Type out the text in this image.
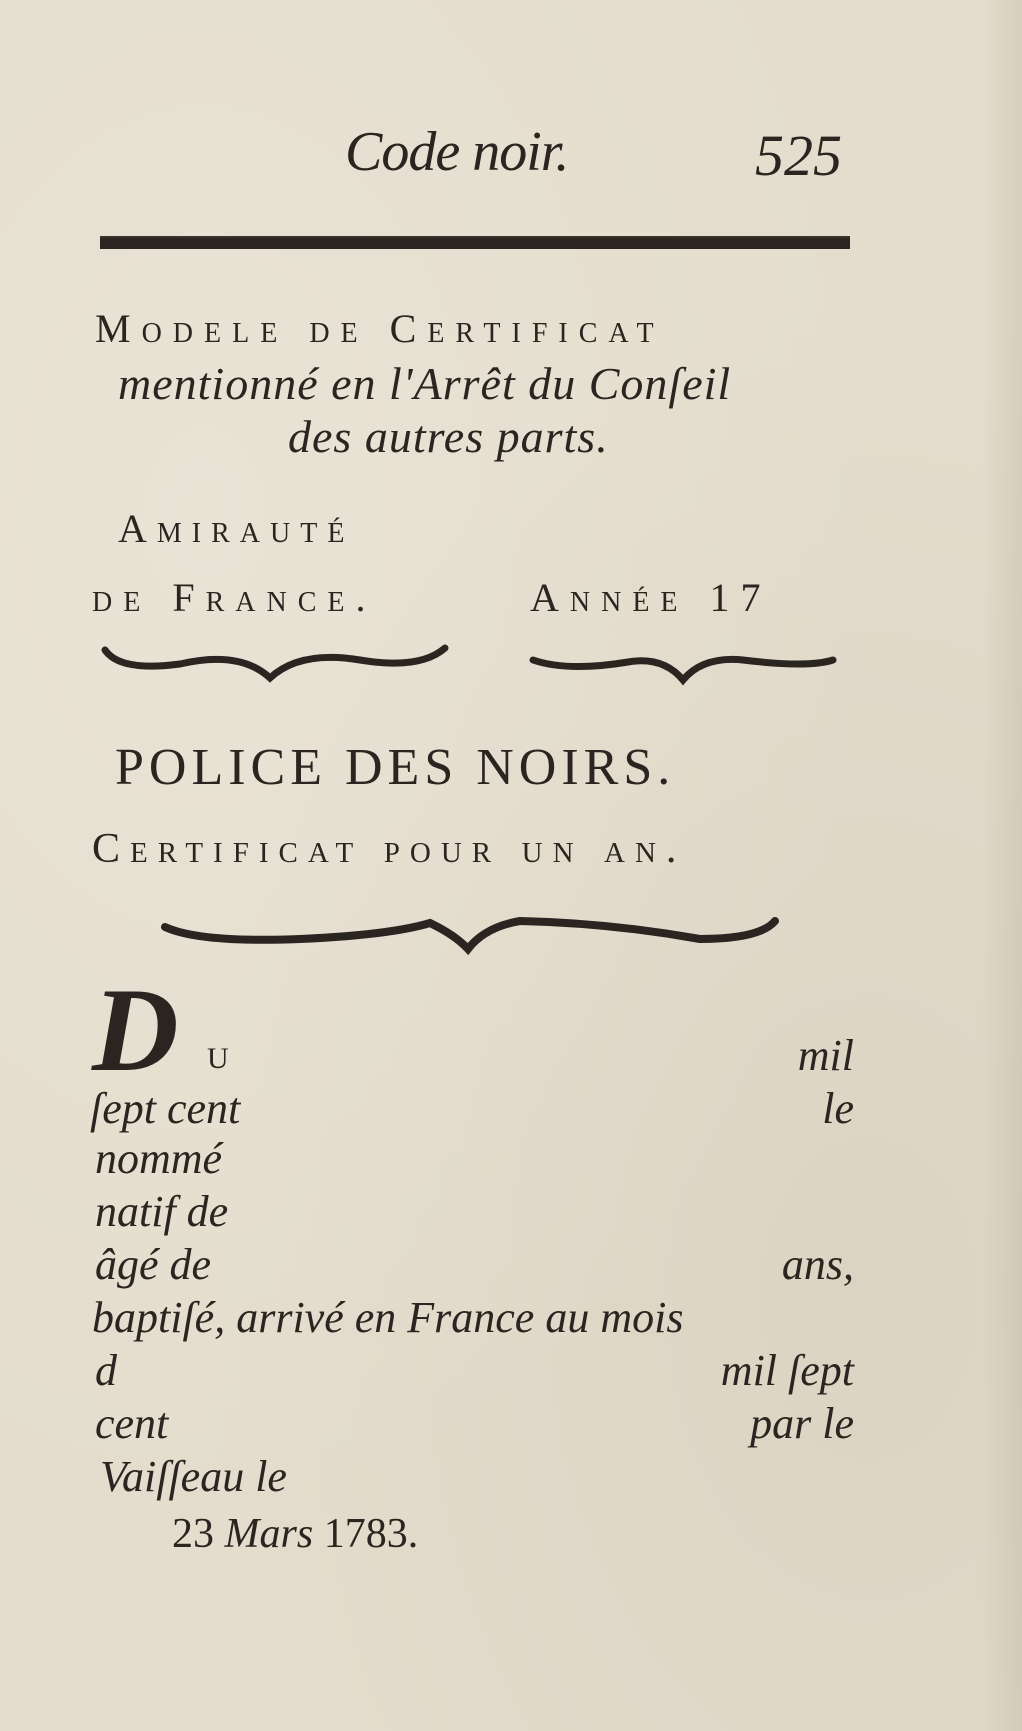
Code noir.	525
Modele de Certificat
mentionné en l'Arrêt du Conſeil
des autres parts.
Amirauté
de France.	Année 17
POLICE DES NOIRS.
Certificat pour un an.
D U	mil
ſept cent	le
nommé
natif de
âgé de	ans,
baptiſé, arrivé en France au mois
d	mil ſept
cent	par le
Vaiſſeau le
23 Mars 1783.
